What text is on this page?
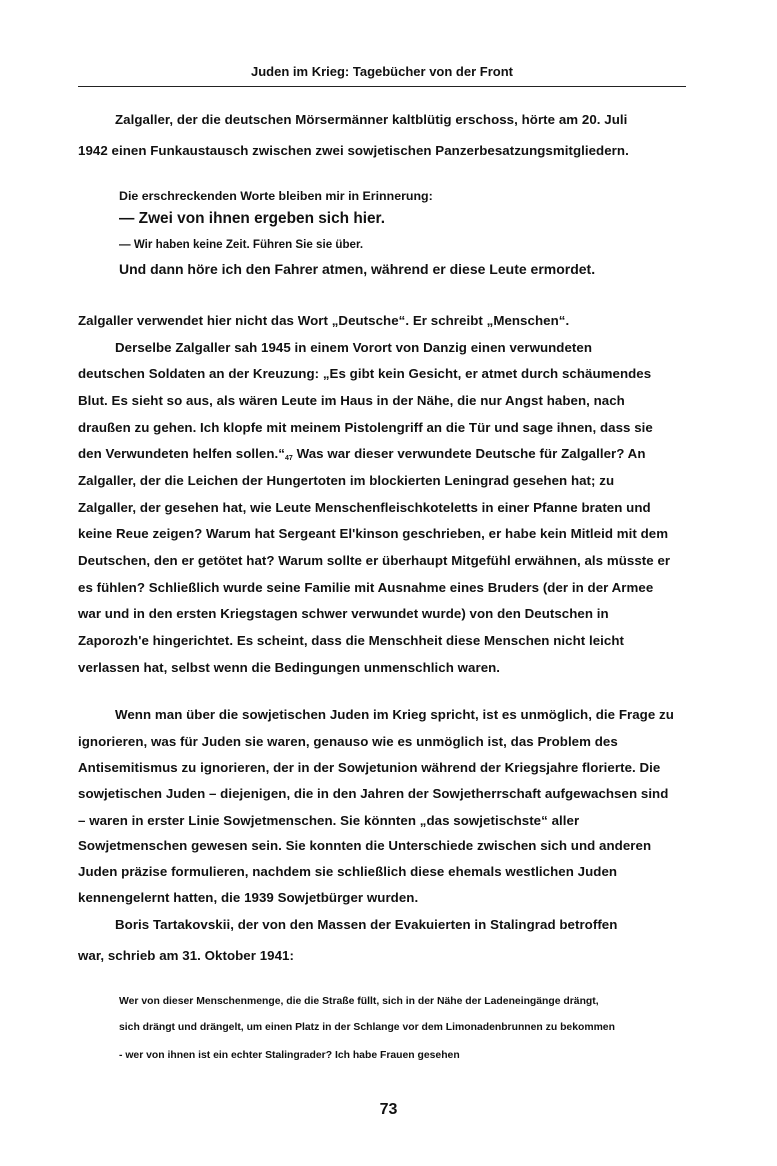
Juden im Krieg: Tagebücher von der Front
Zalgaller, der die deutschen Mörsermänner kaltblütig erschoss, hörte am 20. Juli
1942 einen Funkaustausch zwischen zwei sowjetischen Panzerbesatzungsmitgliedern.
Die erschreckenden Worte bleiben mir in Erinnerung:
— Zwei von ihnen ergeben sich hier.
— Wir haben keine Zeit. Führen Sie sie über.
Und dann höre ich den Fahrer atmen, während er diese Leute ermordet.
Zalgaller verwendet hier nicht das Wort „Deutsche“. Er schreibt „Menschen“.
Derselbe Zalgaller sah 1945 in einem Vorort von Danzig einen verwundeten
deutschen Soldaten an der Kreuzung: „Es gibt kein Gesicht, er atmet durch schäumendes
Blut. Es sieht so aus, als wären Leute im Haus in der Nähe, die nur Angst haben, nach
draußen zu gehen. Ich klopfe mit meinem Pistolengriff an die Tür und sage ihnen, dass sie
den Verwundeten helfen sollen.“$^{47}$ Was war dieser verwundete Deutsche für Zalgaller? An
Zalgaller, der die Leichen der Hungertoten im blockierten Leningrad gesehen hat; zu
Zalgaller, der gesehen hat, wie Leute Menschenfleischkoteletts in einer Pfanne braten und
keine Reue zeigen? Warum hat Sergeant El'kinson geschrieben, er habe kein Mitleid mit dem
Deutschen, den er getötet hat? Warum sollte er überhaupt Mitgefühl erwähnen, als müsste er
es fühlen? Schließlich wurde seine Familie mit Ausnahme eines Bruders (der in der Armee
war und in den ersten Kriegstagen schwer verwundet wurde) von den Deutschen in
Zaporozh'e hingerichtet. Es scheint, dass die Menschheit diese Menschen nicht leicht
verlassen hat, selbst wenn die Bedingungen unmenschlich waren.
Wenn man über die sowjetischen Juden im Krieg spricht, ist es unmöglich, die Frage zu
ignorieren, was für Juden sie waren, genauso wie es unmöglich ist, das Problem des
Antisemitismus zu ignorieren, der in der Sowjetunion während der Kriegsjahre florierte. Die
sowjetischen Juden – diejenigen, die in den Jahren der Sowjetherrschaft aufgewachsen sind
– waren in erster Linie Sowjetmenschen. Sie könnten „das sowjetischste“ aller
Sowjetmenschen gewesen sein. Sie konnten die Unterschiede zwischen sich und anderen
Juden präzise formulieren, nachdem sie schließlich diese ehemals westlichen Juden
kennengelernt hatten, die 1939 Sowjetbürger wurden.
Boris Tartakovskii, der von den Massen der Evakuierten in Stalingrad betroffen
war, schrieb am 31. Oktober 1941:
Wer von dieser Menschenmenge, die die Straße füllt, sich in der Nähe der Ladeneingänge drängt,
sich drängt und drängelt, um einen Platz in der Schlange vor dem Limonadenbrunnen zu bekommen
- wer von ihnen ist ein echter Stalingrader? Ich habe Frauen gesehen
73
